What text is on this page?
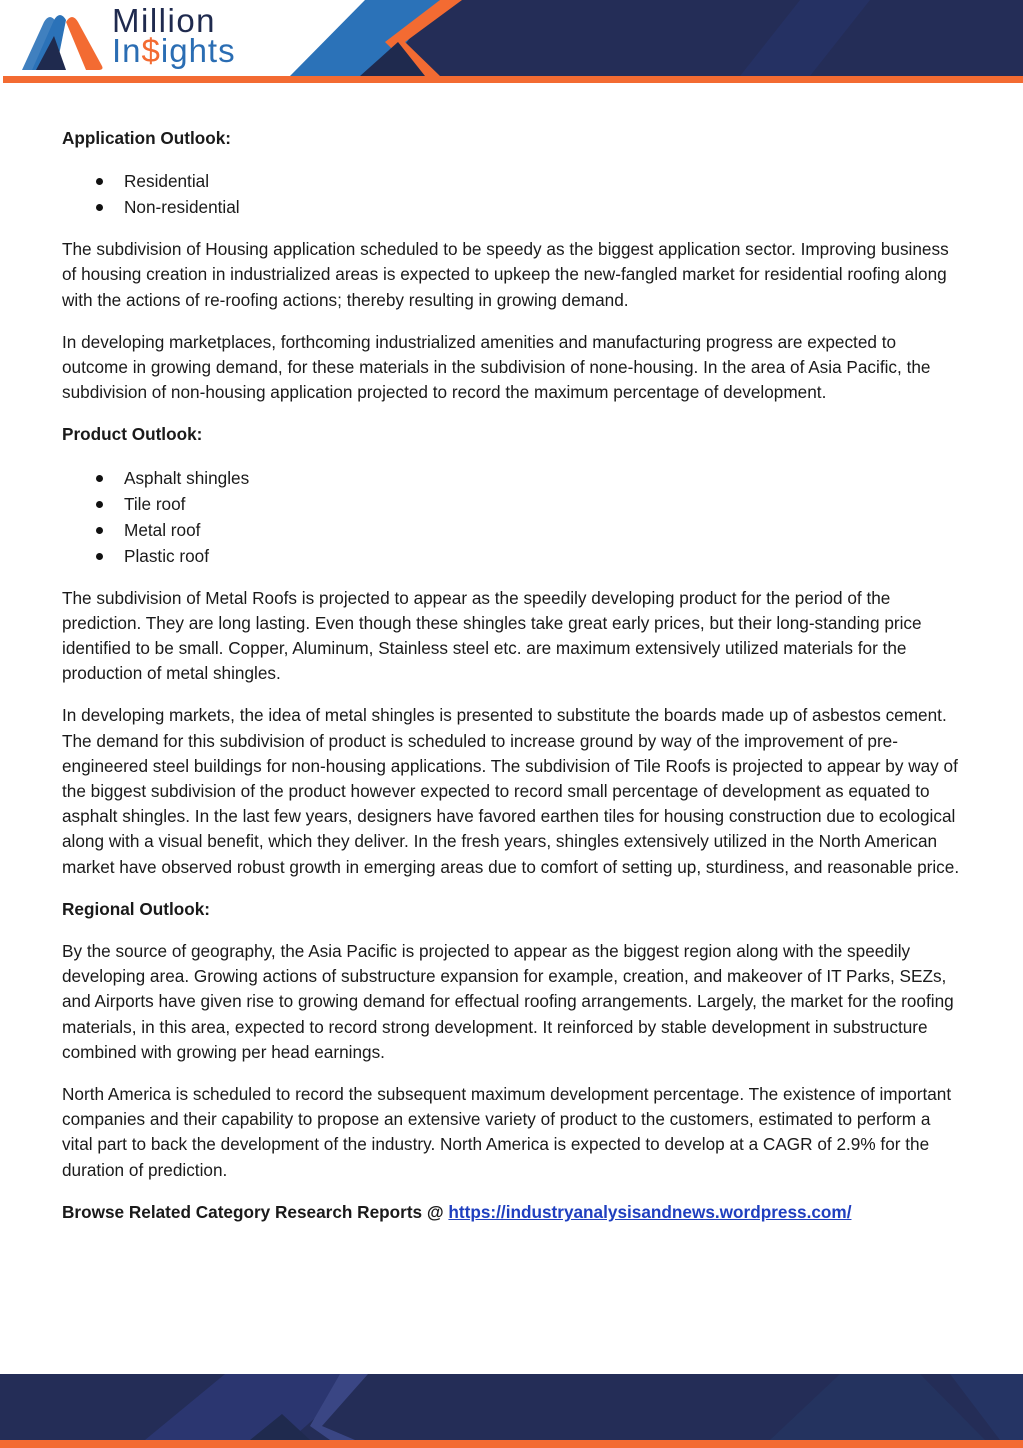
Million
In$ights
Application Outlook:
Residential
Non-residential

The subdivision of Housing application scheduled to be speedy as the biggest application sector. Improving business of housing creation in industrialized areas is expected to upkeep the new-fangled market for residential roofing along with the actions of re-roofing actions; thereby resulting in growing demand.

In developing marketplaces, forthcoming industrialized amenities and manufacturing progress are expected to outcome in growing demand, for these materials in the subdivision of none-housing. In the area of Asia Pacific, the subdivision of non-housing application projected to record the maximum percentage of development.

Product Outlook:
Asphalt shingles
Tile roof
Metal roof
Plastic roof

The subdivision of Metal Roofs is projected to appear as the speedily developing product for the period of the prediction. They are long lasting. Even though these shingles take great early prices, but their long-standing price identified to be small. Copper, Aluminum, Stainless steel etc. are maximum extensively utilized materials for the production of metal shingles.

In developing markets, the idea of metal shingles is presented to substitute the boards made up of asbestos cement. The demand for this subdivision of product is scheduled to increase ground by way of the improvement of pre-engineered steel buildings for non-housing applications. The subdivision of Tile Roofs is projected to appear by way of the biggest subdivision of the product however expected to record small percentage of development as equated to asphalt shingles. In the last few years, designers have favored earthen tiles for housing construction due to ecological along with a visual benefit, which they deliver. In the fresh years, shingles extensively utilized in the North American market have observed robust growth in emerging areas due to comfort of setting up, sturdiness, and reasonable price.

Regional Outlook:

By the source of geography, the Asia Pacific is projected to appear as the biggest region along with the speedily developing area. Growing actions of substructure expansion for example, creation, and makeover of IT Parks, SEZs, and Airports have given rise to growing demand for effectual roofing arrangements. Largely, the market for the roofing materials, in this area, expected to record strong development. It reinforced by stable development in substructure combined with growing per head earnings.

North America is scheduled to record the subsequent maximum development percentage. The existence of important companies and their capability to propose an extensive variety of product to the customers, estimated to perform a vital part to back the development of the industry. North America is expected to develop at a CAGR of 2.9% for the duration of prediction.

Browse Related Category Research Reports @ https://industryanalysisandnews.wordpress.com/
